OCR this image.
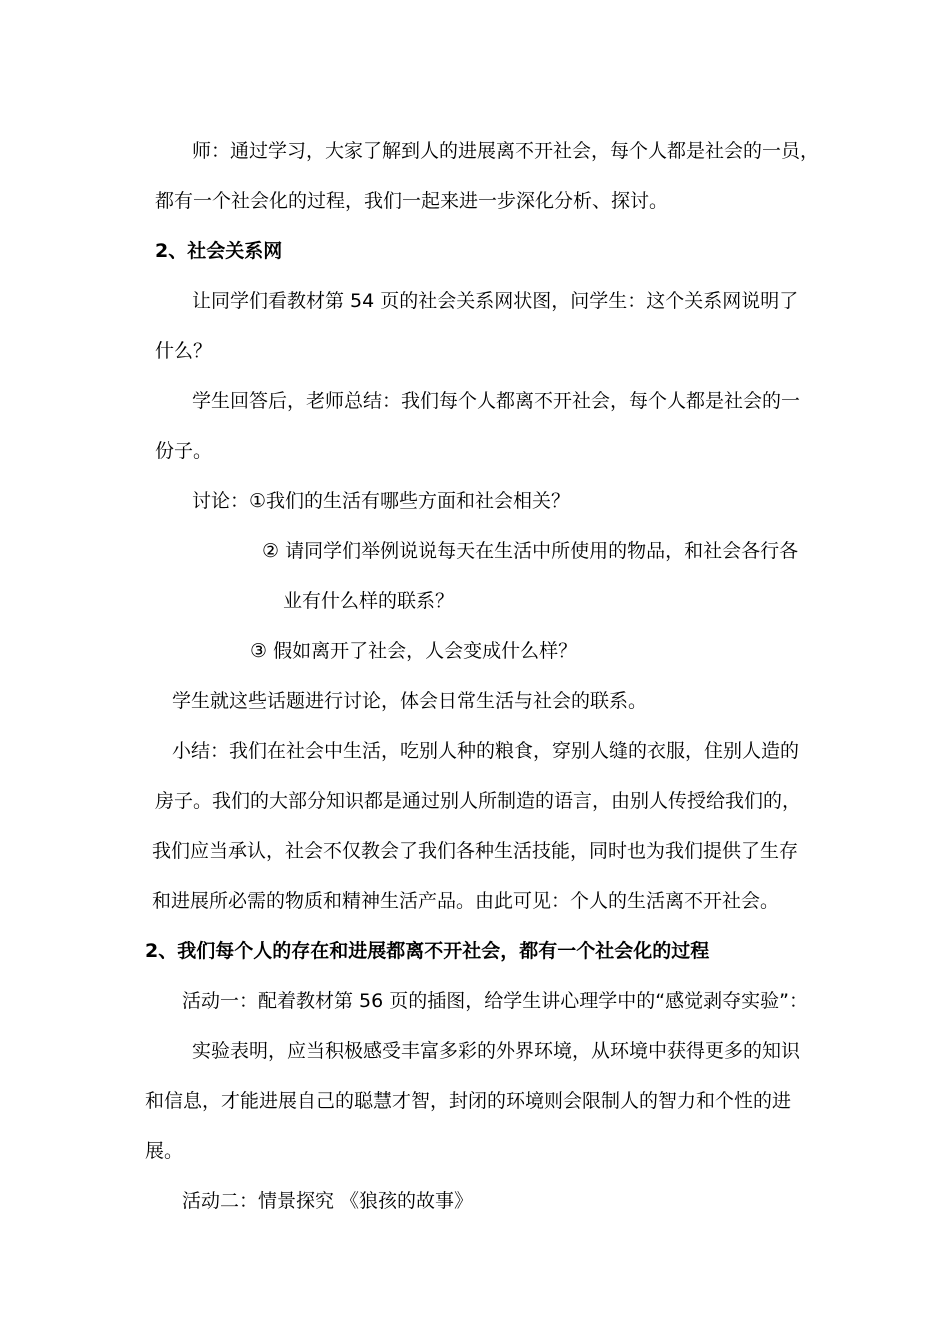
师：通过学习，大家了解到人的进展离不开社会，每个人都是社会的一员，
都有一个社会化的过程，我们一起来进一步深化分析、探讨。
2、社会关系网
让同学们看教材第 54 页的社会关系网状图，问学生：这个关系网说明了
什么？
学生回答后，老师总结：我们每个人都离不开社会，每个人都是社会的一
份子。
讨论：①我们的生活有哪些方面和社会相关？
② 请同学们举例说说每天在生活中所使用的物品，和社会各行各
业有什么样的联系？
③ 假如离开了社会，人会变成什么样？
学生就这些话题进行讨论，体会日常生活与社会的联系。
小结：我们在社会中生活，吃别人种的粮食，穿别人缝的衣服，住别人造的
房子。我们的大部分知识都是通过别人所制造的语言，由别人传授给我们的，
我们应当承认，社会不仅教会了我们各种生活技能，同时也为我们提供了生存
和进展所必需的物质和精神生活产品。由此可见：个人的生活离不开社会。
2、我们每个人的存在和进展都离不开社会，都有一个社会化的过程
活动一：配着教材第 56 页的插图，给学生讲心理学中的“感觉剥夺实验”：
实验表明，应当积极感受丰富多彩的外界环境，从环境中获得更多的知识
和信息，才能进展自己的聪慧才智，封闭的环境则会限制人的智力和个性的进
展。
活动二：情景探究 《狼孩的故事》
